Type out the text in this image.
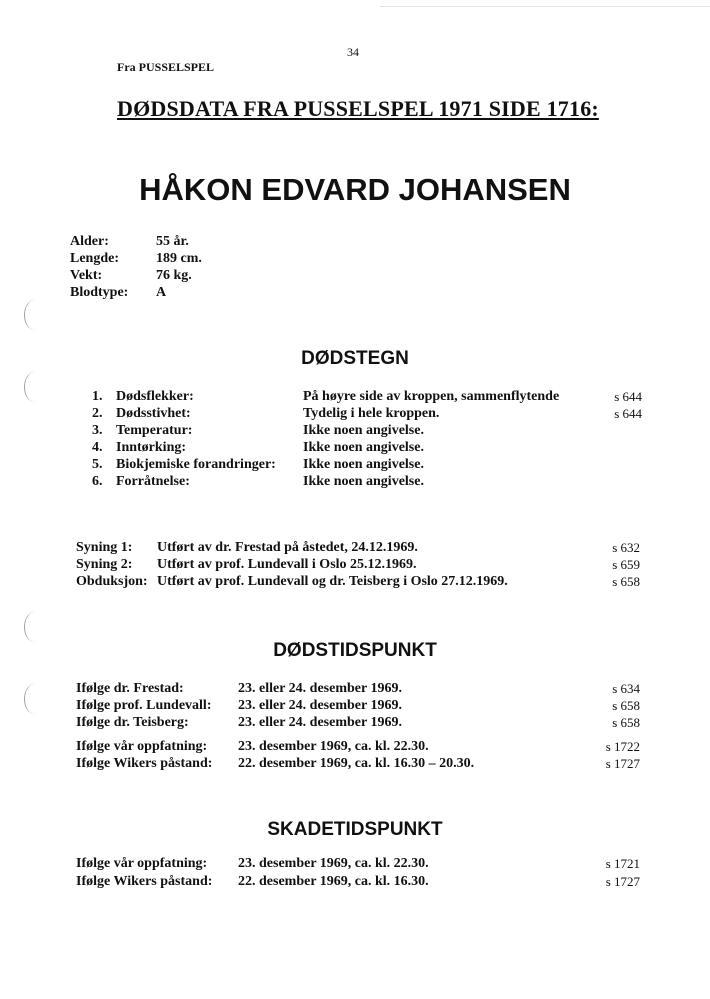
34
Fra PUSSELSPEL
DØDSDATA FRA PUSSELSPEL 1971 SIDE 1716:
HÅKON EDVARD JOHANSEN
Alder:	55 år.
Lengde:	189 cm.
Vekt:	76 kg.
Blodtype: A
DØDSTEGN
1. Dødsflekker:	På høyre side av kroppen, sammenflytende	s 644
2. Dødsstivhet:	Tydelig i hele kroppen.	s 644
3. Temperatur:	Ikke noen angivelse.
4. Inntørking:	Ikke noen angivelse.
5. Biokjemiske forandringer: Ikke noen angivelse.
6. Forråtnelse:	Ikke noen angivelse.
Syning 1: Utført av dr. Frestad på åstedet, 24.12.1969.	s 632
Syning 2: Utført av prof. Lundevall i Oslo 25.12.1969.	s 659
Obduksjon: Utført av prof. Lundevall og dr. Teisberg i Oslo 27.12.1969.	s 658
DØDSTIDSPUNKT
Ifølge dr. Frestad:	23. eller 24. desember 1969.	s 634
Ifølge prof. Lundevall: 23. eller 24. desember 1969.	s 658
Ifølge dr. Teisberg:	23. eller 24. desember 1969.	s 658
Ifølge vår oppfatning: 23. desember 1969, ca. kl. 22.30.	s 1722
Ifølge Wikers påstand: 22. desember 1969, ca. kl. 16.30 – 20.30.	s 1727
SKADETIDSPUNKT
Ifølge vår oppfatning: 23. desember 1969, ca. kl. 22.30.	s 1721
Ifølge Wikers påstand: 22. desember 1969, ca. kl. 16.30.	s 1727
